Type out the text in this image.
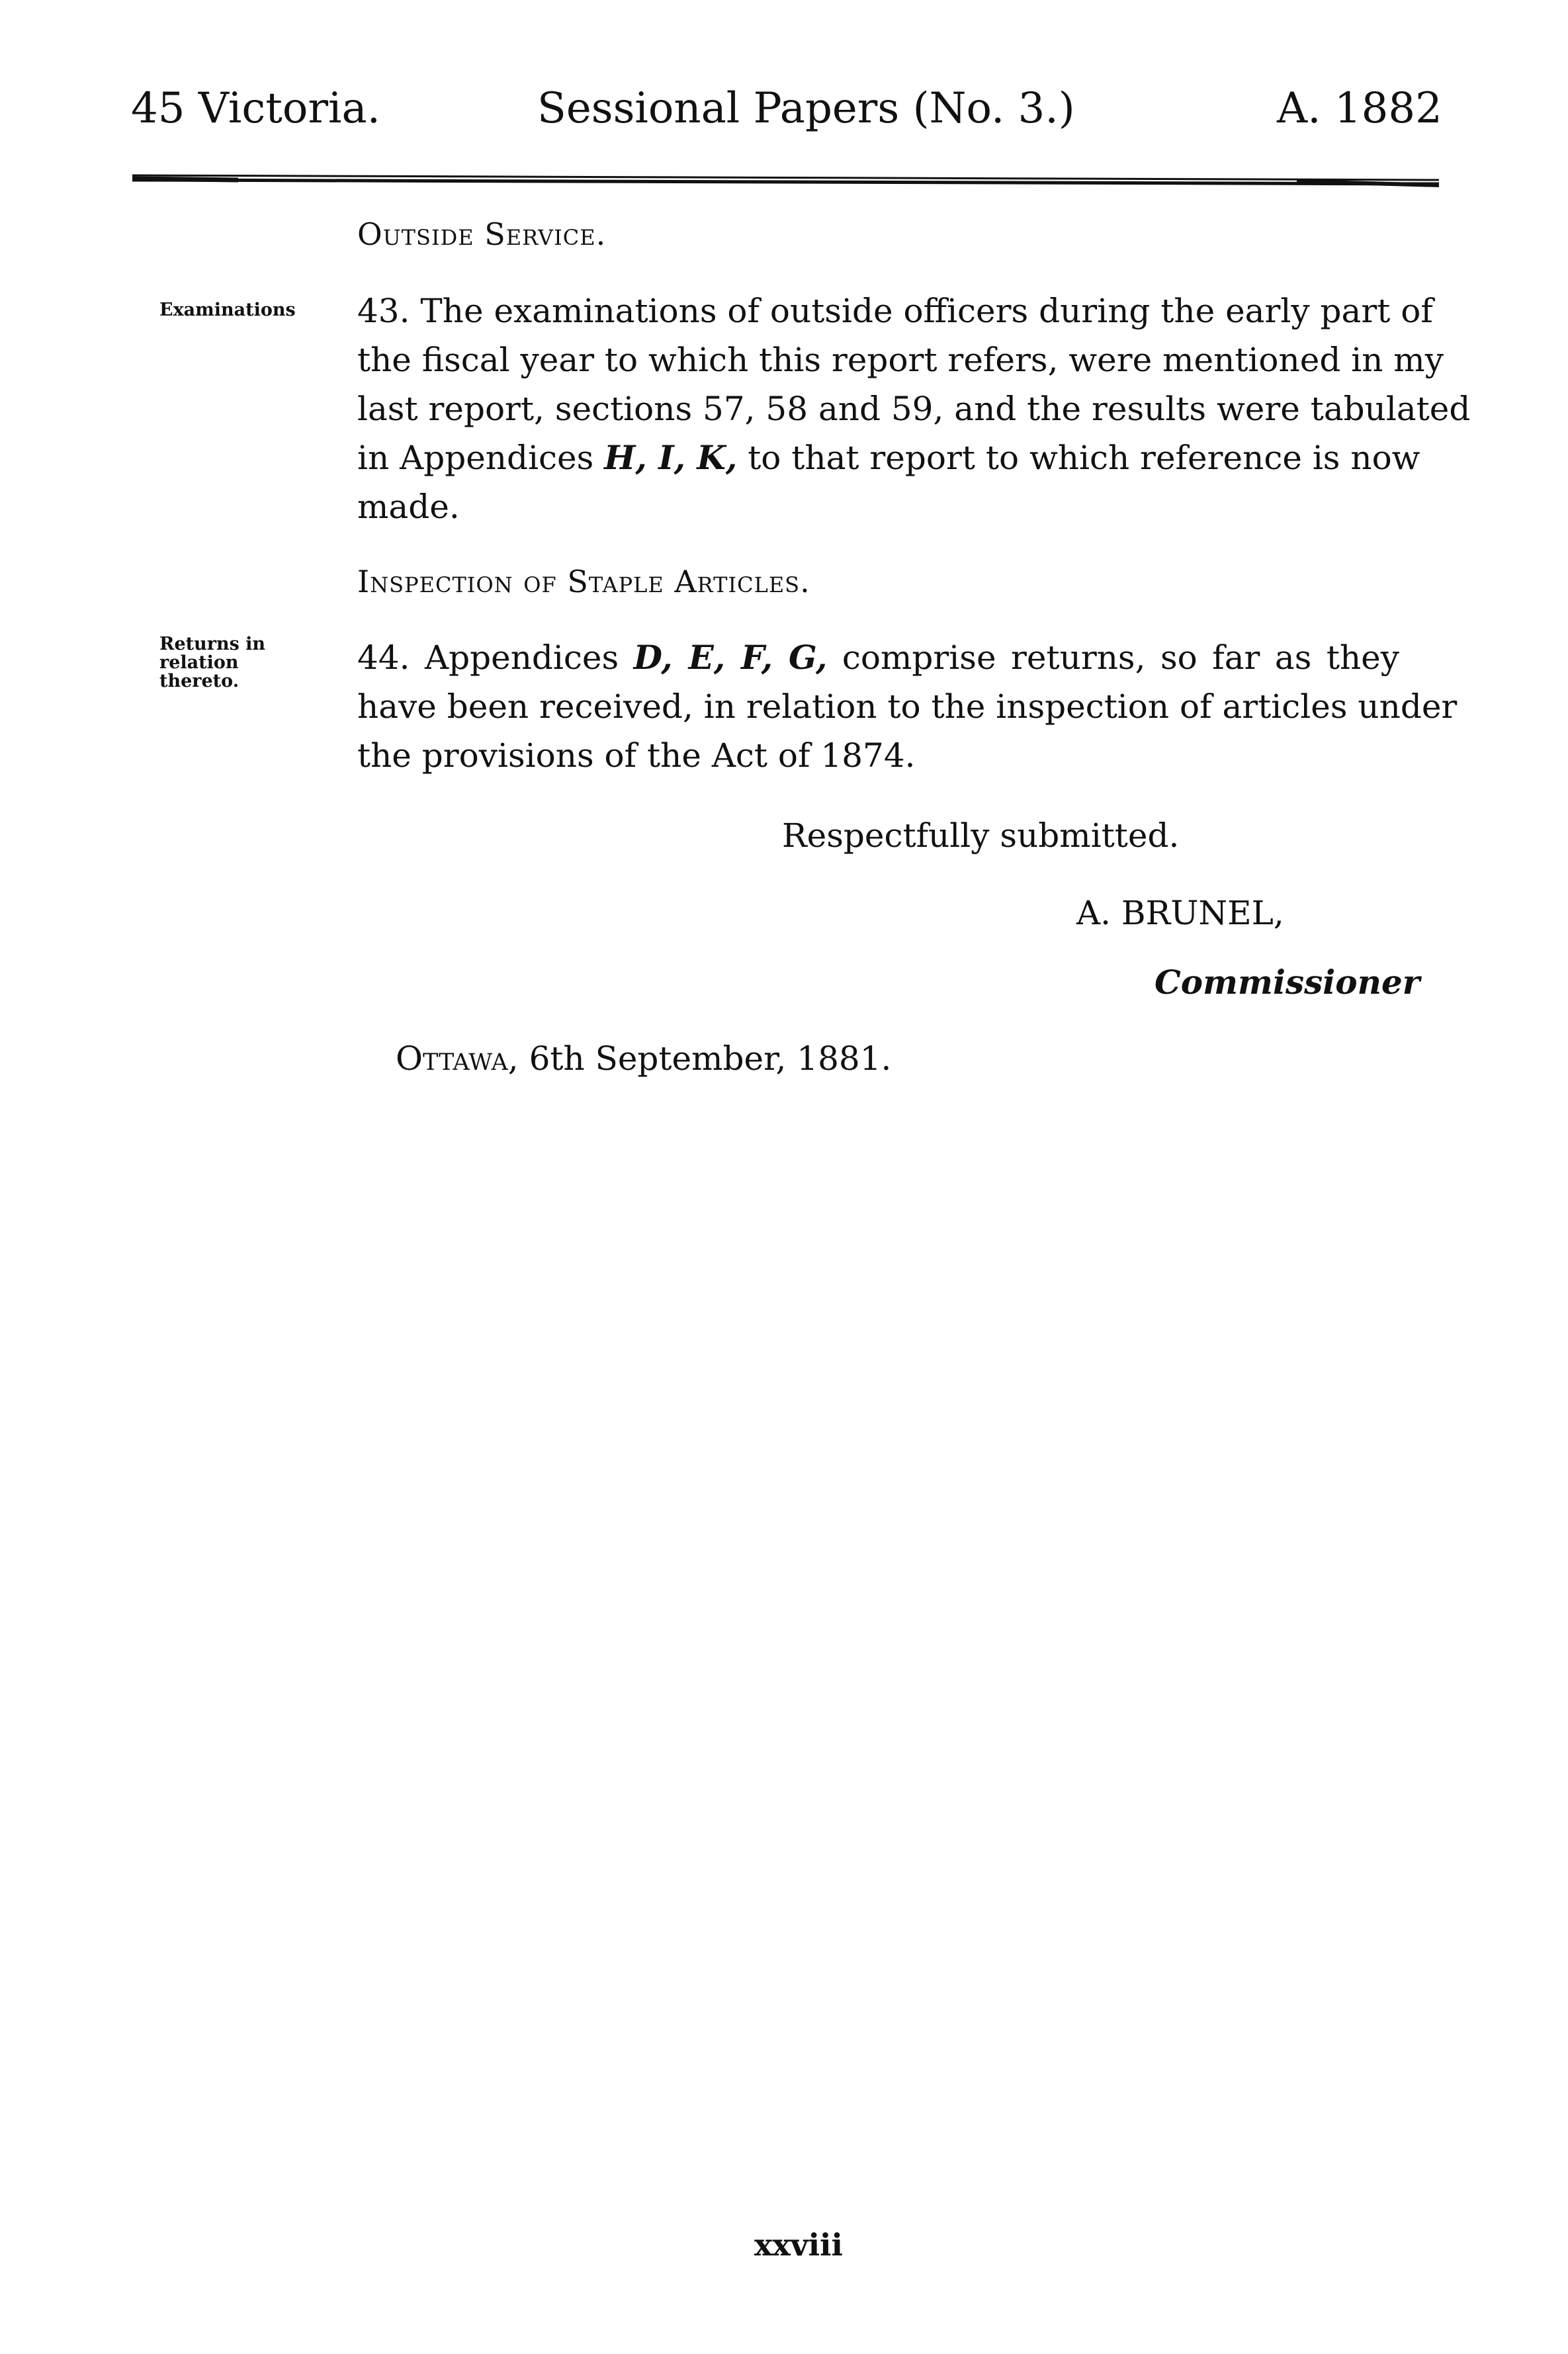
45 Victoria.	Sessional Papers (No. 3.)	A. 1882
Outside Service.
Examinations 43. The examinations of outside officers during the early part of
the fiscal year to which this report refers, were mentioned in my
last report, sections 57, 58 and 59, and the results were tabulated
in Appendices H, I, K, to that report to which reference is now
made.
Inspection of Staple Articles.
Returns in relation thereto.
44. Appendices D, E, F, G, comprise returns, so far as they
have been received, in relation to the inspection of articles under
the provisions of the Act of 1874.
Respectfully submitted.
A. BRUNEL,
Commissioner
Ottawa, 6th September, 1881.
xxviii
